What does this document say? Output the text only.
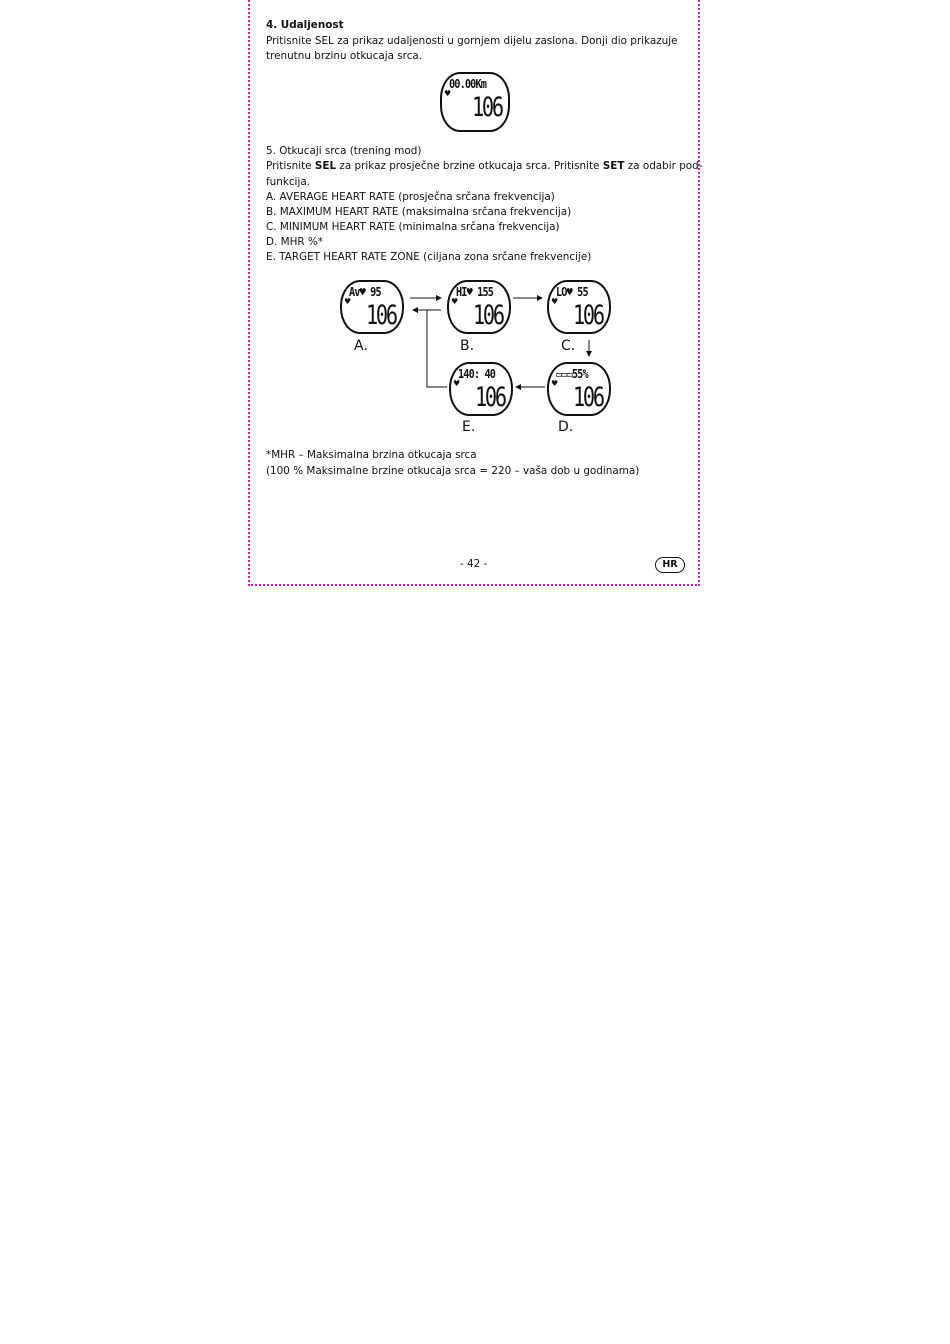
4. Udaljenost
Pritisnite SEL za prikaz udaljenosti u gornjem dijelu zaslona. Donji dio prikazuje
trenutnu brzinu otkucaja srca.
♥
00.00Km
106
5. Otkucaji srca (trening mod)
Pritisnite SEL za prikaz prosječne brzine otkucaja srca. Pritisnite SET za odabir pod-
funkcija.
A. AVERAGE HEART RATE (prosječna srčana frekvencija)
B. MAXIMUM HEART RATE (maksimalna srčana frekvencija)
C. MINIMUM HEART RATE (minimalna srčana frekvencija)
D. MHR %*
E. TARGET HEART RATE ZONE (ciljana zona srčane frekvencije)
♥
Av♥ 95
106	♥
HI♥ 155
106	♥
LO♥ 55
106
♥
140: 40
106	♥
▭▭▭55%
106
A.	B.	C.
E.	D.
*MHR – Maksimalna brzina otkucaja srca
(100 % Maksimalne brzine otkucaja srca = 220 – vaša dob u godinama)
- 42 -	HR
